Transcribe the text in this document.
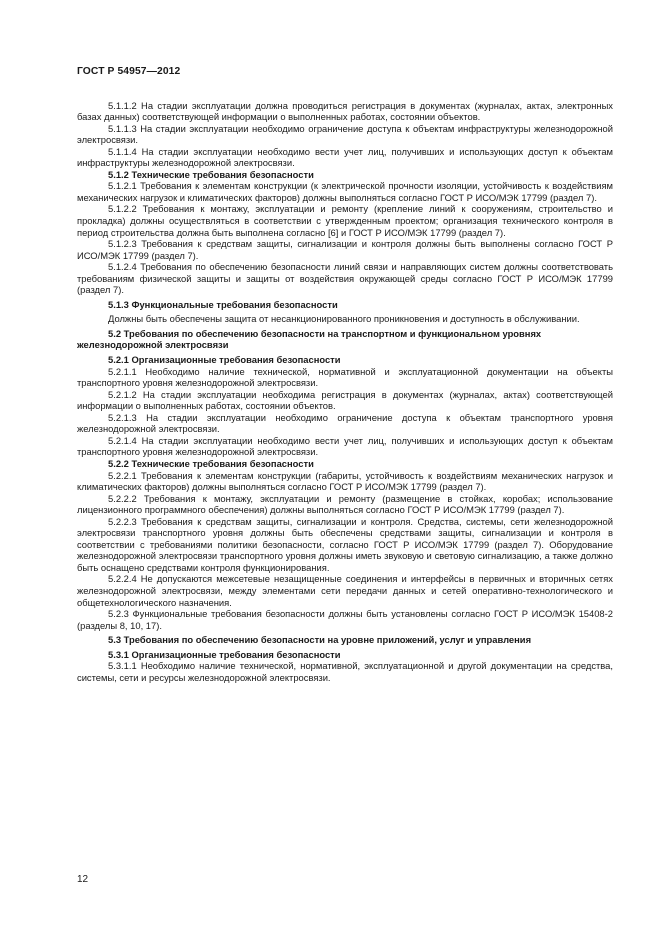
ГОСТ Р 54957—2012

5.1.1.2 На стадии эксплуатации должна проводиться регистрация в документах (журналах, актах, электронных базах данных) соответствующей информации о выполненных работах, состоянии объектов.

5.1.1.3 На стадии эксплуатации необходимо ограничение доступа к объектам инфраструктуры железнодорожной электросвязи.

5.1.1.4 На стадии эксплуатации необходимо вести учет лиц, получивших и использующих доступ к объектам инфраструктуры железнодорожной электросвязи.

5.1.2 Технические требования безопасности

5.1.2.1 Требования к элементам конструкции (к электрической прочности изоляции, устойчивость к воздействиям механических нагрузок и климатических факторов) должны выполняться согласно ГОСТ Р ИСО/МЭК 17799 (раздел 7).

5.1.2.2 Требования к монтажу, эксплуатации и ремонту (крепление линий к сооружениям, строительство и прокладка) должны осуществляться в соответствии с утвержденным проектом; организация технического контроля в период строительства должна быть выполнена согласно [6] и ГОСТ Р ИСО/МЭК 17799 (раздел 7).

5.1.2.3 Требования к средствам защиты, сигнализации и контроля должны быть выполнены согласно ГОСТ Р ИСО/МЭК 17799 (раздел 7).

5.1.2.4 Требования по обеспечению безопасности линий связи и направляющих систем должны соответствовать требованиям физической защиты и защиты от воздействия окружающей среды согласно ГОСТ Р ИСО/МЭК 17799 (раздел 7).

5.1.3 Функциональные требования безопасности

Должны быть обеспечены защита от несанкционированного проникновения и доступность в обслуживании.

5.2 Требования по обеспечению безопасности на транспортном и функциональном уровнях железнодорожной электросвязи

5.2.1 Организационные требования безопасности

5.2.1.1 Необходимо наличие технической, нормативной и эксплуатационной документации на объекты транспортного уровня железнодорожной электросвязи.

5.2.1.2 На стадии эксплуатации необходима регистрация в документах (журналах, актах) соответствующей информации о выполненных работах, состоянии объектов.

5.2.1.3 На стадии эксплуатации необходимо ограничение доступа к объектам транспортного уровня железнодорожной электросвязи.

5.2.1.4 На стадии эксплуатации необходимо вести учет лиц, получивших и использующих доступ к объектам транспортного уровня железнодорожной электросвязи.

5.2.2 Технические требования безопасности

5.2.2.1 Требования к элементам конструкции (габариты, устойчивость к воздействиям механических нагрузок и климатических факторов) должны выполняться согласно ГОСТ Р ИСО/МЭК 17799 (раздел 7).

5.2.2.2 Требования к монтажу, эксплуатации и ремонту (размещение в стойках, коробах; использование лицензионного программного обеспечения) должны выполняться согласно ГОСТ Р ИСО/МЭК 17799 (раздел 7).

5.2.2.3 Требования к средствам защиты, сигнализации и контроля. Средства, системы, сети железнодорожной электросвязи транспортного уровня должны быть обеспечены средствами защиты, сигнализации и контроля в соответствии с требованиями политики безопасности, согласно ГОСТ Р ИСО/МЭК 17799 (раздел 7). Оборудование железнодорожной электросвязи транспортного уровня должны иметь звуковую и световую сигнализацию, а также должно быть оснащено средствами контроля функционирования.

5.2.2.4 Не допускаются межсетевые незащищенные соединения и интерфейсы в первичных и вторичных сетях железнодорожной электросвязи, между элементами сети передачи данных и сетей оперативно-технологического и общетехнологического назначения.

5.2.3 Функциональные требования безопасности должны быть установлены согласно ГОСТ Р ИСО/МЭК 15408-2 (разделы 8, 10, 17).

5.3 Требования по обеспечению безопасности на уровне приложений, услуг и управления

5.3.1 Организационные требования безопасности

5.3.1.1 Необходимо наличие технической, нормативной, эксплуатационной и другой документации на средства, системы, сети и ресурсы железнодорожной электросвязи.

12
